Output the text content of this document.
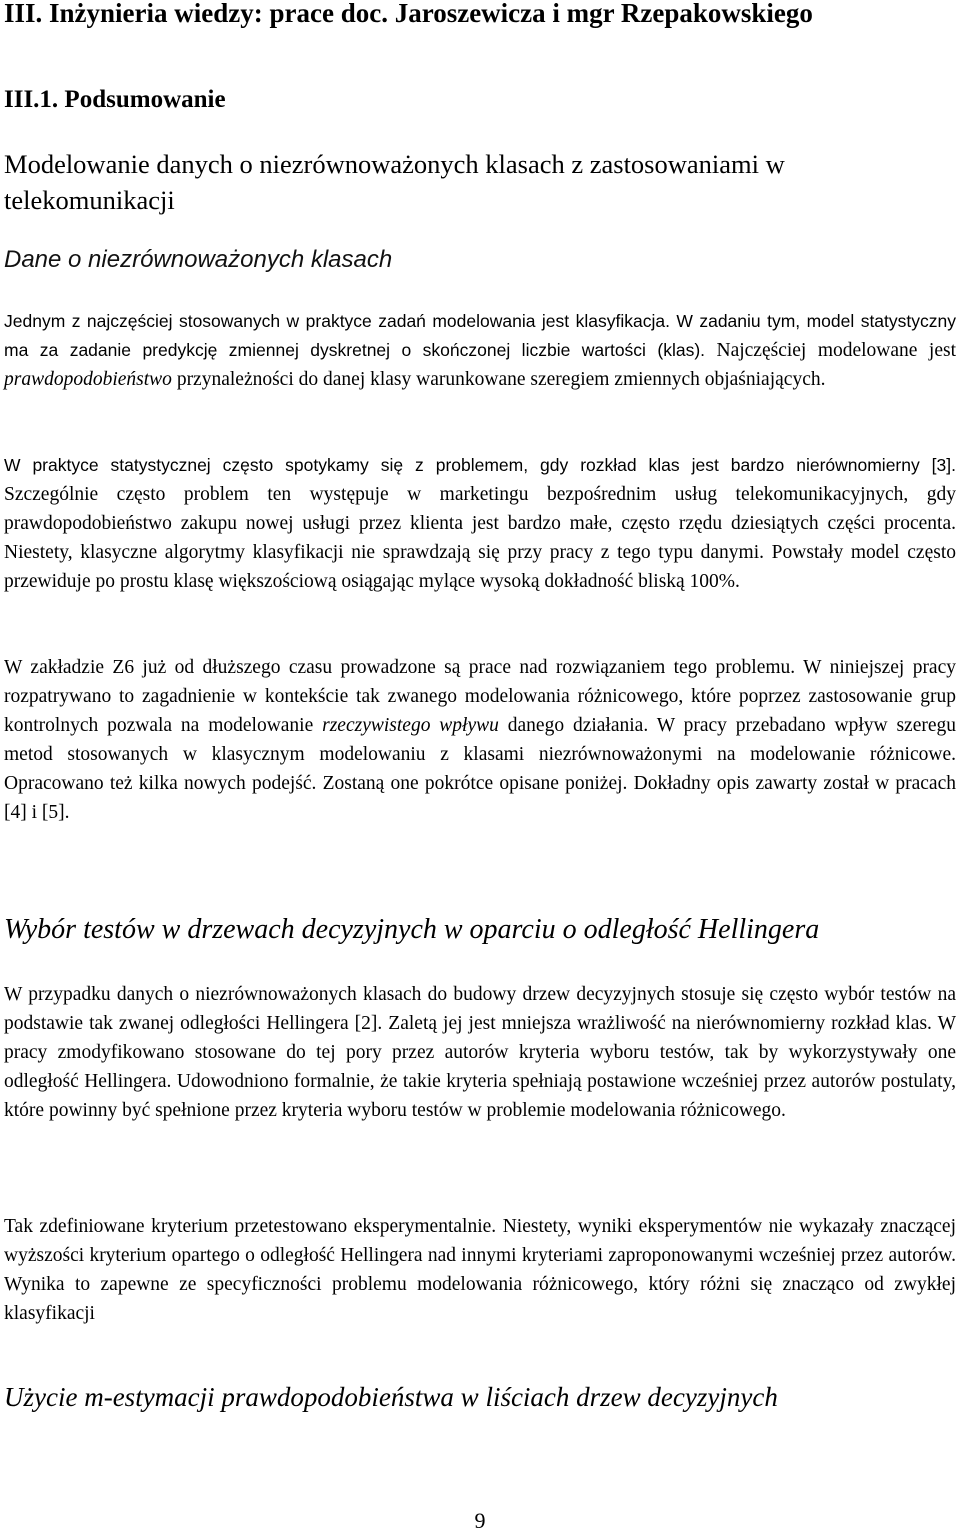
III. Inżynieria wiedzy: prace doc. Jaroszewicza i mgr Rzepakowskiego
III.1. Podsumowanie
Modelowanie danych o niezrównoważonych klasach z zastosowaniami w telekomunikacji
Dane o niezrównoważonych klasach

Jednym z najczęściej stosowanych w praktyce zadań modelowania jest klasyfikacja. W zadaniu tym, model statystyczny ma za zadanie predykcję zmiennej dyskretnej o skończonej liczbie wartości (klas). Najczęściej modelowane jest prawdopodobieństwo przynależności do danej klasy warunkowane szeregiem zmiennych objaśniających.

W praktyce statystycznej często spotykamy się z problemem, gdy rozkład klas jest bardzo nierównomierny [3]. Szczególnie często problem ten występuje w marketingu bezpośrednim usług telekomunikacyjnych, gdy prawdopodobieństwo zakupu nowej usługi przez klienta jest bardzo małe, często rzędu dziesiątych części procenta. Niestety, klasyczne algorytmy klasyfikacji nie sprawdzają się przy pracy z tego typu danymi. Powstały model często przewiduje po prostu klasę większościową osiągając mylące wysoką dokładność bliską 100%.

W zakładzie Z6 już od dłuższego czasu prowadzone są prace nad rozwiązaniem tego problemu. W niniejszej pracy rozpatrywano to zagadnienie w kontekście tak zwanego modelowania różnicowego, które poprzez zastosowanie grup kontrolnych pozwala na modelowanie rzeczywistego wpływu danego działania. W pracy przebadano wpływ szeregu metod stosowanych w klasycznym modelowaniu z klasami niezrównoważonymi na modelowanie różnicowe. Opracowano też kilka nowych podejść. Zostaną one pokrótce opisane poniżej. Dokładny opis zawarty został w pracach [4] i [5].

Wybór testów w drzewach decyzyjnych w oparciu o odległość Hellingera

W przypadku danych o niezrównoważonych klasach do budowy drzew decyzyjnych stosuje się często wybór testów na podstawie tak zwanej odległości Hellingera [2]. Zaletą jej jest mniejsza wrażliwość na nierównomierny rozkład klas. W pracy zmodyfikowano stosowane do tej pory przez autorów kryteria wyboru testów, tak by wykorzystywały one odległość Hellingera. Udowodniono formalnie, że takie kryteria spełniają postawione wcześniej przez autorów postulaty, które powinny być spełnione przez kryteria wyboru testów w problemie modelowania różnicowego.

Tak zdefiniowane kryterium przetestowano eksperymentalnie. Niestety, wyniki eksperymentów nie wykazały znaczącej wyższości kryterium opartego o odległość Hellingera nad innymi kryteriami zaproponowanymi wcześniej przez autorów. Wynika to zapewne ze specyficzności problemu modelowania różnicowego, który różni się znacząco od zwykłej klasyfikacji

Użycie m-estymacji prawdopodobieństwa w liściach drzew decyzyjnych
9
